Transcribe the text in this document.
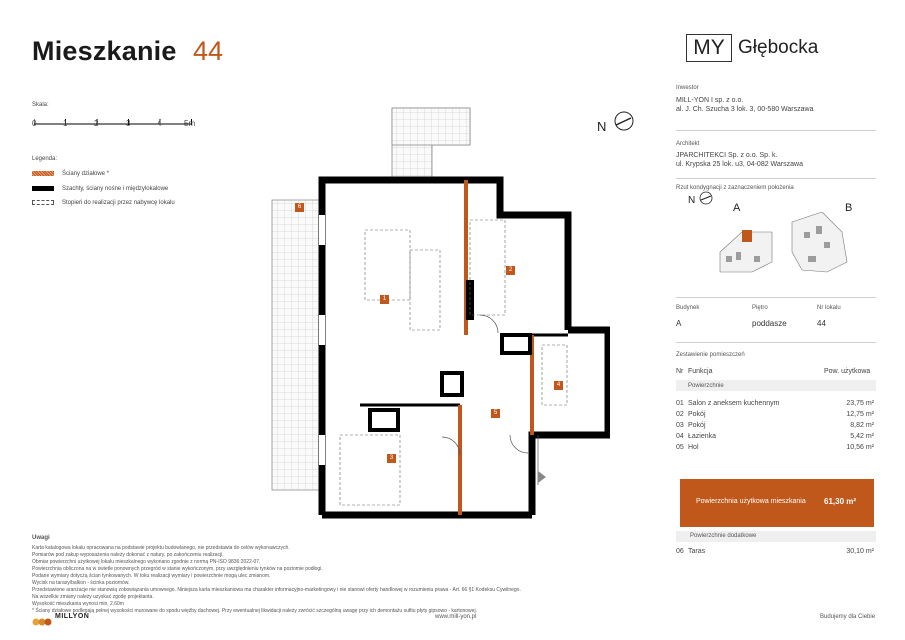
Mieszkanie 44	MY Głębocka
Skala:
0	1	2	3	4	5m
Legenda:
Ściany działowe *
Szachty, ściany nośne i międzylokalowe
Stopień do realizacji przez nabywcę lokalu
N
1
2
3
4
5
6
Inwestor
MILL-YON I sp. z o.o.
al. J. Ch. Szucha 3 lok. 3, 00-580 Warszawa
Architekt
JPARCHITEKCI Sp. z o.o. Sp. k.
ul. Krypska 25 lok. u3, 04-082 Warszawa
Rzut kondygnacji z zaznaczeniem położenia
N
A	B
Budynek	Piętro	Nr lokalu
A	poddasze	44
Zestawienie pomieszczeń
Nr Funkcja	Pow. użytkowa
Powierzchnie
01 Salon z aneksem kuchennym	23,75 m²
02 Pokój	12,75 m²
03 Pokój	8,82 m²
04 Łazienka	5,42 m²
05 Hol	10,56 m²
Powierzchnia użytkowa mieszkania 61,30 m²
Powierzchnie dodatkowe
06 Taras	30,10 m²
Uwagi
Karta katalogowa lokalu opracowana na podstawie projektu budowlanego, nie przedstawia do celów wykonawczych.
Pomiarów pod zakup wyposażenia należy dokonać z natury, po zakończeniu realizacji.
Obmiar powierzchni użytkowej lokalu mieszkalnego wykonano zgodnie z normą PN-ISO 9836:2022-07.
Powierzchnia obliczona na w świetle ponownych przegród w stanie wykończonym, przy uwzględnieniu tynków na poziomie podłogi.
Podane wymiary dotyczą ścian tynkowanych. W toku realizacji wymiary i powierzchnie mogą ulec zmianom.
Wycisk na tarasy/balkon - ścinka poziomów.
Przedstawione aranżacje nie stanowią zobowiązania umownego. Niniejsza karta mieszkaniowa ma charakter informacyjno-marketingowy i nie stanowi oferty handlowej w rozumieniu prawa - Art. 66 §1 Kodeksu Cywilnego.
Na wszelkie zmiany należy uzyskać zgodę projektanta.
Wysokość mieszkania wynosi min. 2,60m
* Ściany działowe podlegają pełnej wysokości murowane do spodu więźby dachowej. Przy ewentualnej likwidacji należy zwrócić szczególną uwagę przy ich demontażu sufitu płyty gipsowo - kartonowej.
MILLYON	www.mill-yon.pl	Budujemy dla Ciebie
